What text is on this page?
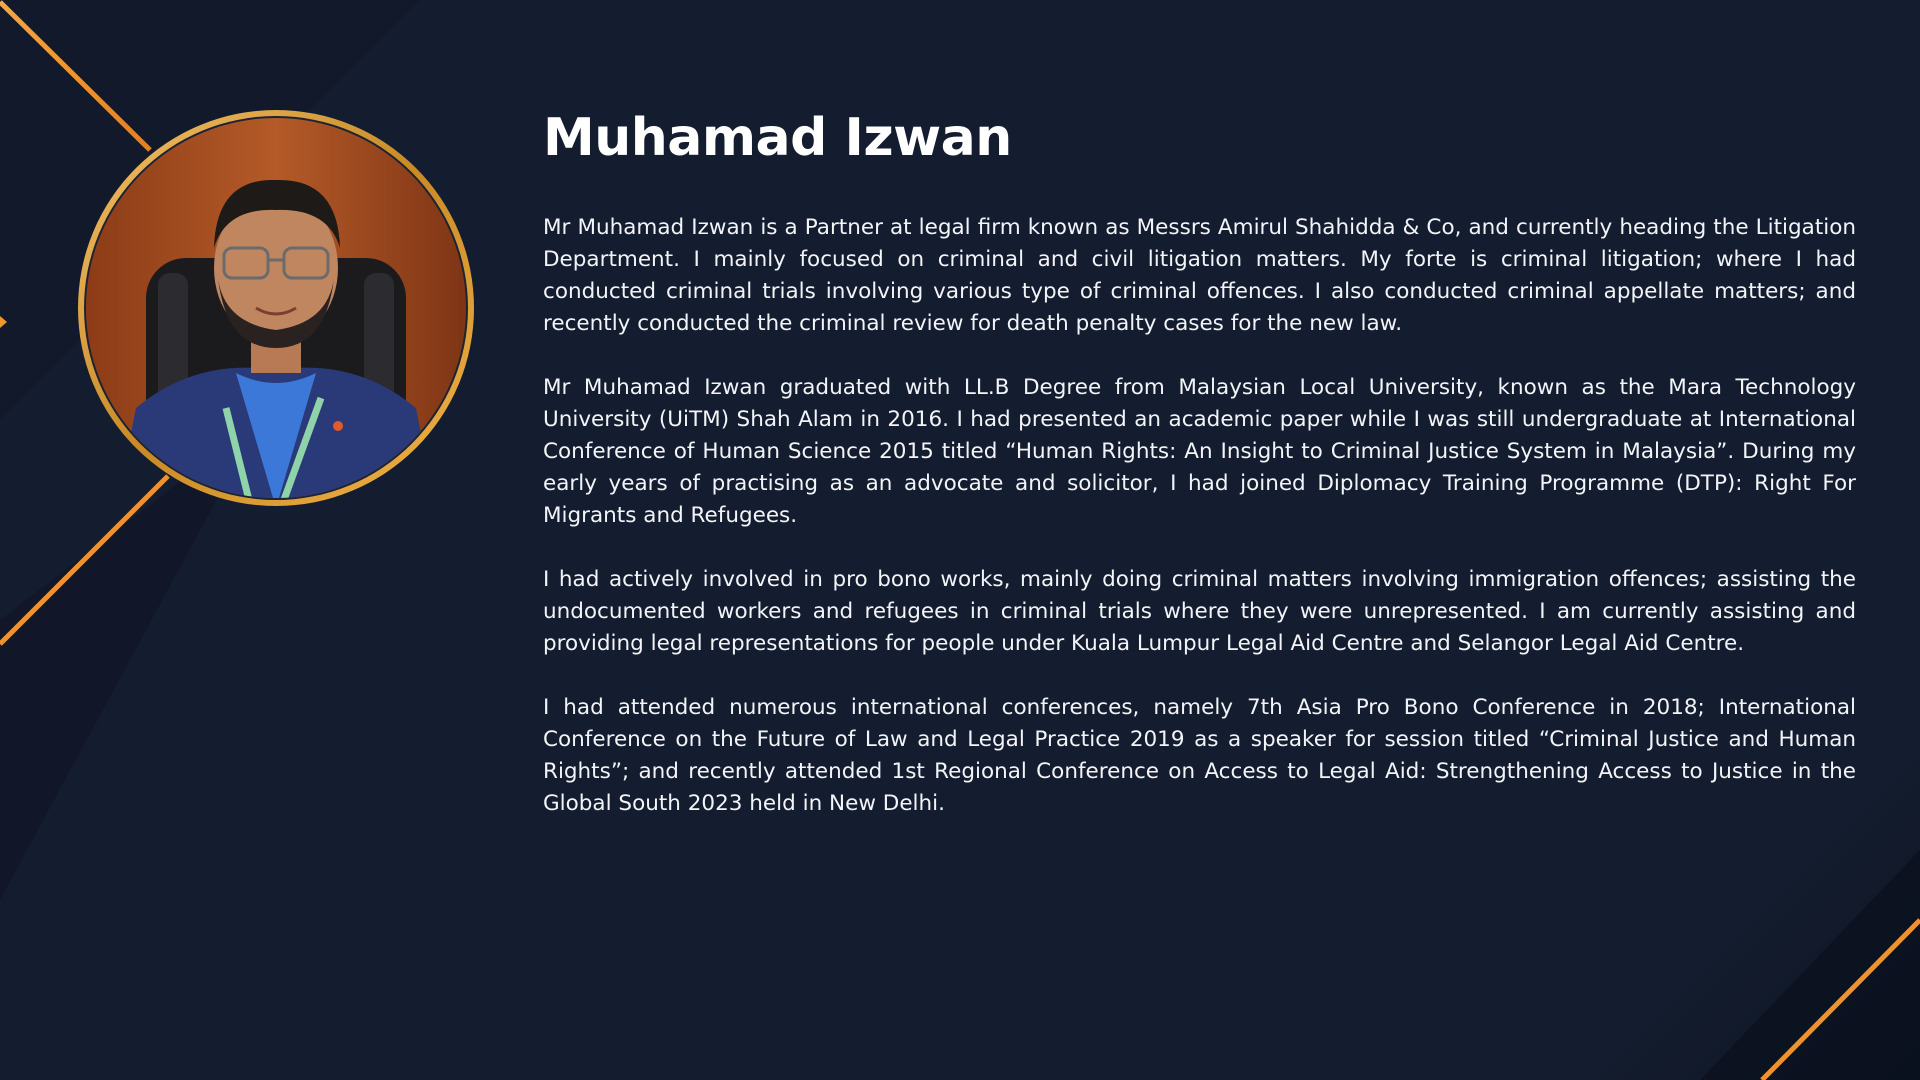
Muhamad Izwan

Mr Muhamad Izwan is a Partner at legal firm known as Messrs Amirul Shahidda & Co, and currently heading the Litigation Department. I mainly focused on criminal and civil litigation matters. My forte is criminal litigation; where I had conducted criminal trials involving various type of criminal offences. I also conducted criminal appellate matters; and recently conducted the criminal review for death penalty cases for the new law.

Mr Muhamad Izwan graduated with LL.B Degree from Malaysian Local University, known as the Mara Technology University (UiTM) Shah Alam in 2016. I had presented an academic paper while I was still undergraduate at International Conference of Human Science 2015 titled “Human Rights: An Insight to Criminal Justice System in Malaysia”. During my early years of practising as an advocate and solicitor, I had joined Diplomacy Training Programme (DTP): Right For Migrants and Refugees.

I had actively involved in pro bono works, mainly doing criminal matters involving immigration offences; assisting the undocumented workers and refugees in criminal trials where they were unrepresented. I am currently assisting and providing legal representations for people under Kuala Lumpur Legal Aid Centre and Selangor Legal Aid Centre.

I had attended numerous international conferences, namely 7th Asia Pro Bono Conference in 2018; International Conference on the Future of Law and Legal Practice 2019 as a speaker for session titled “Criminal Justice and Human Rights”; and recently attended 1st Regional Conference on Access to Legal Aid: Strengthening Access to Justice in the Global South 2023 held in New Delhi.
